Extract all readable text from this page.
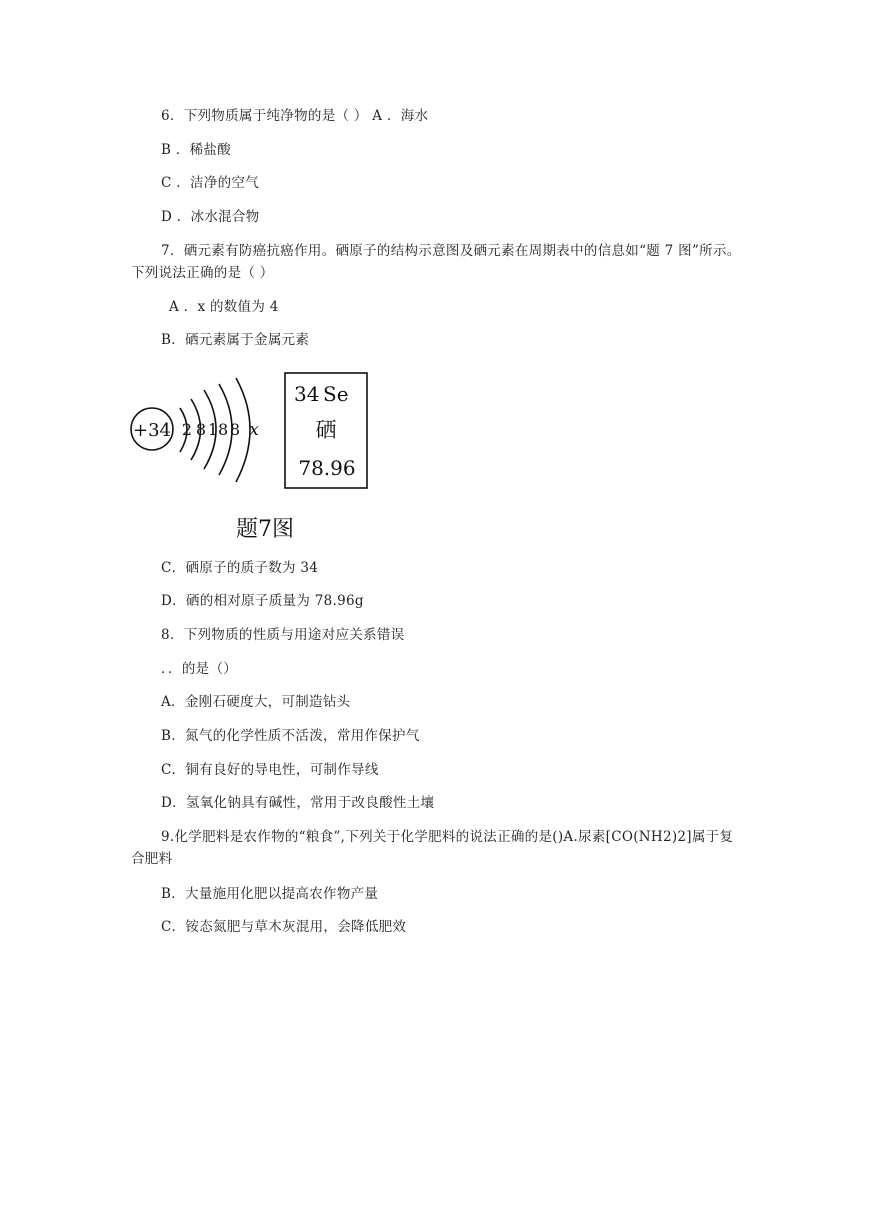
6．下列物质属于纯净物的是（ ） A ．海水
B ．稀盐酸
C ．洁净的空气
D ．冰水混合物
7．硒元素有防癌抗癌作用。硒原子的结构示意图及硒元素在周期表中的信息如“题 7 图”所示。下列说法正确的是（ ）
A ．x 的数值为 4
B．硒元素属于金属元素
+34 2 8 18 8 x
34 Se
硒
78.96
题7图
C．硒原子的质子数为 34
D．硒的相对原子质量为 78.96g
8．下列物质的性质与用途对应关系错误
．．的是（）
A．金刚石硬度大，可制造钻头
B．氮气的化学性质不活泼，常用作保护气
C．铜有良好的导电性，可制作导线
D．氢氧化钠具有碱性，常用于改良酸性土壤
9.化学肥料是农作物的“粮食”,下列关于化学肥料的说法正确的是()A.尿素[CO(NH2)2]属于复合肥料
B．大量施用化肥以提高农作物产量
C．铵态氮肥与草木灰混用，会降低肥效
